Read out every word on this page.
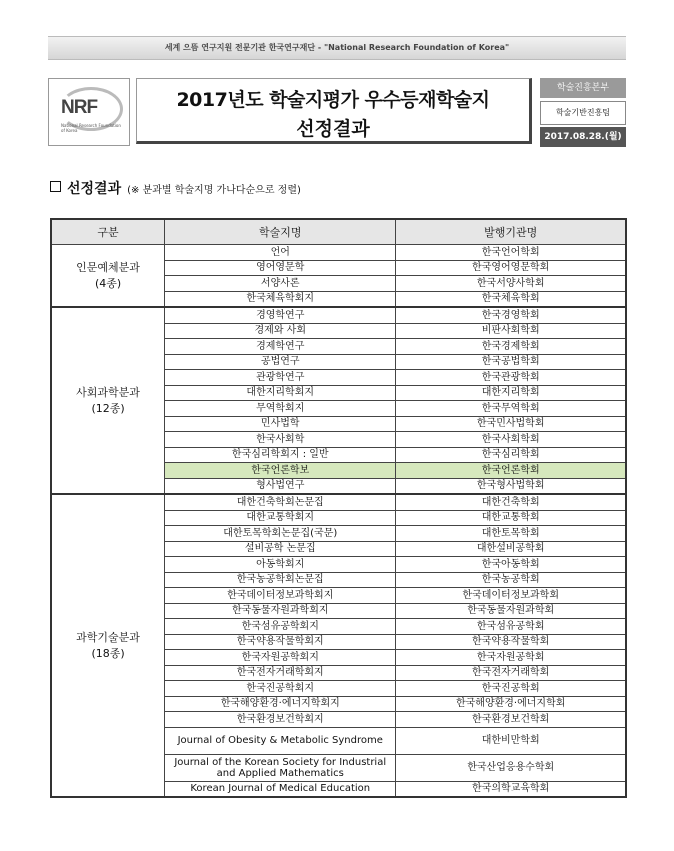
세계 으뜸 연구지원 전문기관 한국연구재단 - "National Research Foundation of Korea"
NRF
National Research Foundation of Korea
2017년도 학술지평가 우수등재학술지
선정결과
학술진흥본부
학술기반진흥팀
2017.08.28.(월)
선정결과 (※ 분과별 학술지명 가나다순으로 정렬)
구분	학술지명	발행기관명

인문예체분과
(4종)	언어	한국언어학회
	영어영문학	한국영어영문학회
	서양사론	한국서양사학회
	한국체육학회지	한국체육학회

사회과학분과
(12종)	경영학연구	한국경영학회
	경제와 사회	비판사회학회
	경제학연구	한국경제학회
	공법연구	한국공법학회
	관광학연구	한국관광학회
	대한지리학회지	대한지리학회
	무역학회지	한국무역학회
	민사법학	한국민사법학회
	한국사회학	한국사회학회
	한국심리학회지 : 일반	한국심리학회
	한국언론학보	한국언론학회
	형사법연구	한국형사법학회

과학기술분과
(18종)	대한건축학회논문집	대한건축학회
	대한교통학회지	대한교통학회
	대한토목학회논문집(국문)	대한토목학회
	설비공학 논문집	대한설비공학회
	아동학회지	한국아동학회
	한국농공학회논문집	한국농공학회
	한국데이터정보과학회지	한국데이터정보과학회
	한국동물자원과학회지	한국동물자원과학회
	한국섬유공학회지	한국섬유공학회
	한국약용작물학회지	한국약용작물학회
	한국자원공학회지	한국자원공학회
	한국전자거래학회지	한국전자거래학회
	한국진공학회지	한국진공학회
	한국해양환경·에너지학회지	한국해양환경·에너지학회
	한국환경보건학회지	한국환경보건학회
	Journal of Obesity & Metabolic Syndrome	대한비만학회
	Journal of the Korean Society for Industrial and Applied Mathematics	한국산업응용수학회
	Korean Journal of Medical Education	한국의학교육학회
